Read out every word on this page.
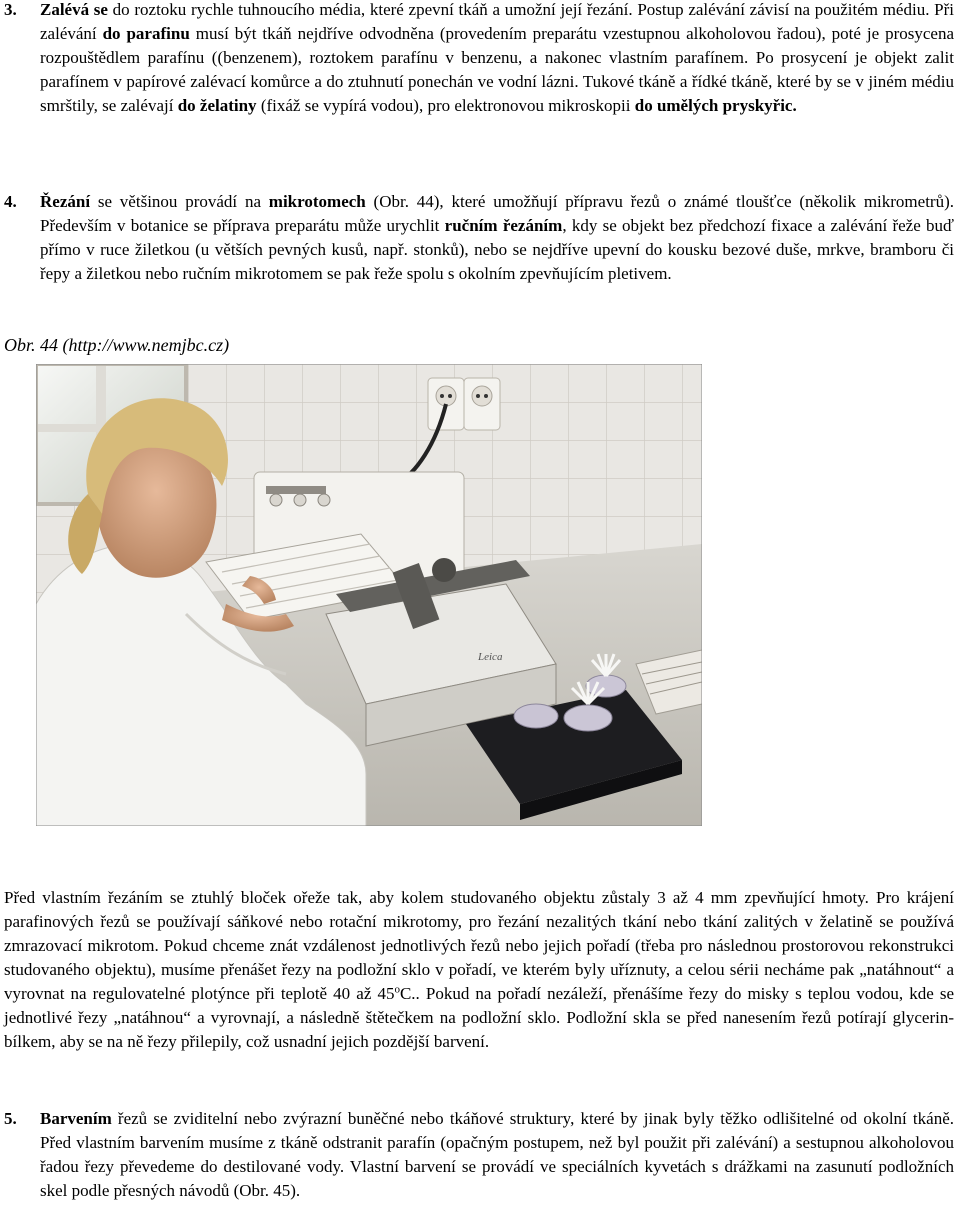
3. Zalévá se do roztoku rychle tuhnoucího média, které zpevní tkáň a umožní její řezání. Postup zalévání závisí na použitém médiu. Při zalévání do parafinu musí být tkáň nejdříve odvodněna (provedením preparátu vzestupnou alkoholovou řadou), poté je prosycena rozpouštědlem parafínu ((benzenem), roztokem parafínu v benzenu, a nakonec vlastním parafínem. Po prosycení je objekt zalit parafínem v papírové zalévací komůrce a do ztuhnutí ponechán ve vodní lázni. Tukové tkáně a řídké tkáně, které by se v jiném médiu smrštily, se zalévají do želatiny (fixáž se vypírá vodou), pro elektronovou mikroskopii do umělých pryskyřic.
4. Řezání se většinou provádí na mikrotomech (Obr. 44), které umožňují přípravu řezů o známé tloušťce (několik mikrometrů). Především v botanice se příprava preparátu může urychlit ručním řezáním, kdy se objekt bez předchozí fixace a zalévání řeže buď přímo v ruce žiletkou (u větších pevných kusů, např. stonků), nebo se nejdříve upevní do kousku bezové duše, mrkve, bramboru či řepy a žiletkou nebo ručním mikrotomem se pak řeže spolu s okolním zpevňujícím pletivem.
Obr. 44 (http://www.nemjbc.cz)
Leica
Před vlastním řezáním se ztuhlý bloček ořeže tak, aby kolem studovaného objektu zůstaly 3 až 4 mm zpevňující hmoty. Pro krájení parafinových řezů se používají sáňkové nebo rotační mikrotomy, pro řezání nezalitých tkání nebo tkání zalitých v želatině se používá zmrazovací mikrotom. Pokud chceme znát vzdálenost jednotlivých řezů nebo jejich pořadí (třeba pro následnou prostorovou rekonstrukci studovaného objektu), musíme přenášet řezy na podložní sklo v pořadí, ve kterém byly uříznuty, a celou sérii necháme pak „natáhnout“ a vyrovnat na regulovatelné plotýnce při teplotě 40 až 45$^o$C.. Pokud na pořadí nezáleží, přenášíme řezy do misky s teplou vodou, kde se jednotlivé řezy „natáhnou“ a vyrovnají, a následně štětečkem na podložní sklo. Podložní skla se před nanesením řezů potírají glycerin-bílkem, aby se na ně řezy přilepily, což usnadní jejich pozdější barvení.
5. Barvením řezů se zviditelní nebo zvýrazní buněčné nebo tkáňové struktury, které by jinak byly těžko odlišitelné od okolní tkáně. Před vlastním barvením musíme z tkáně odstranit parafín (opačným postupem, než byl použit při zalévání) a sestupnou alkoholovou řadou řezy převedeme do destilované vody. Vlastní barvení se provádí ve speciálních kyvetách s drážkami na zasunutí podložních skel podle přesných návodů (Obr. 45).
